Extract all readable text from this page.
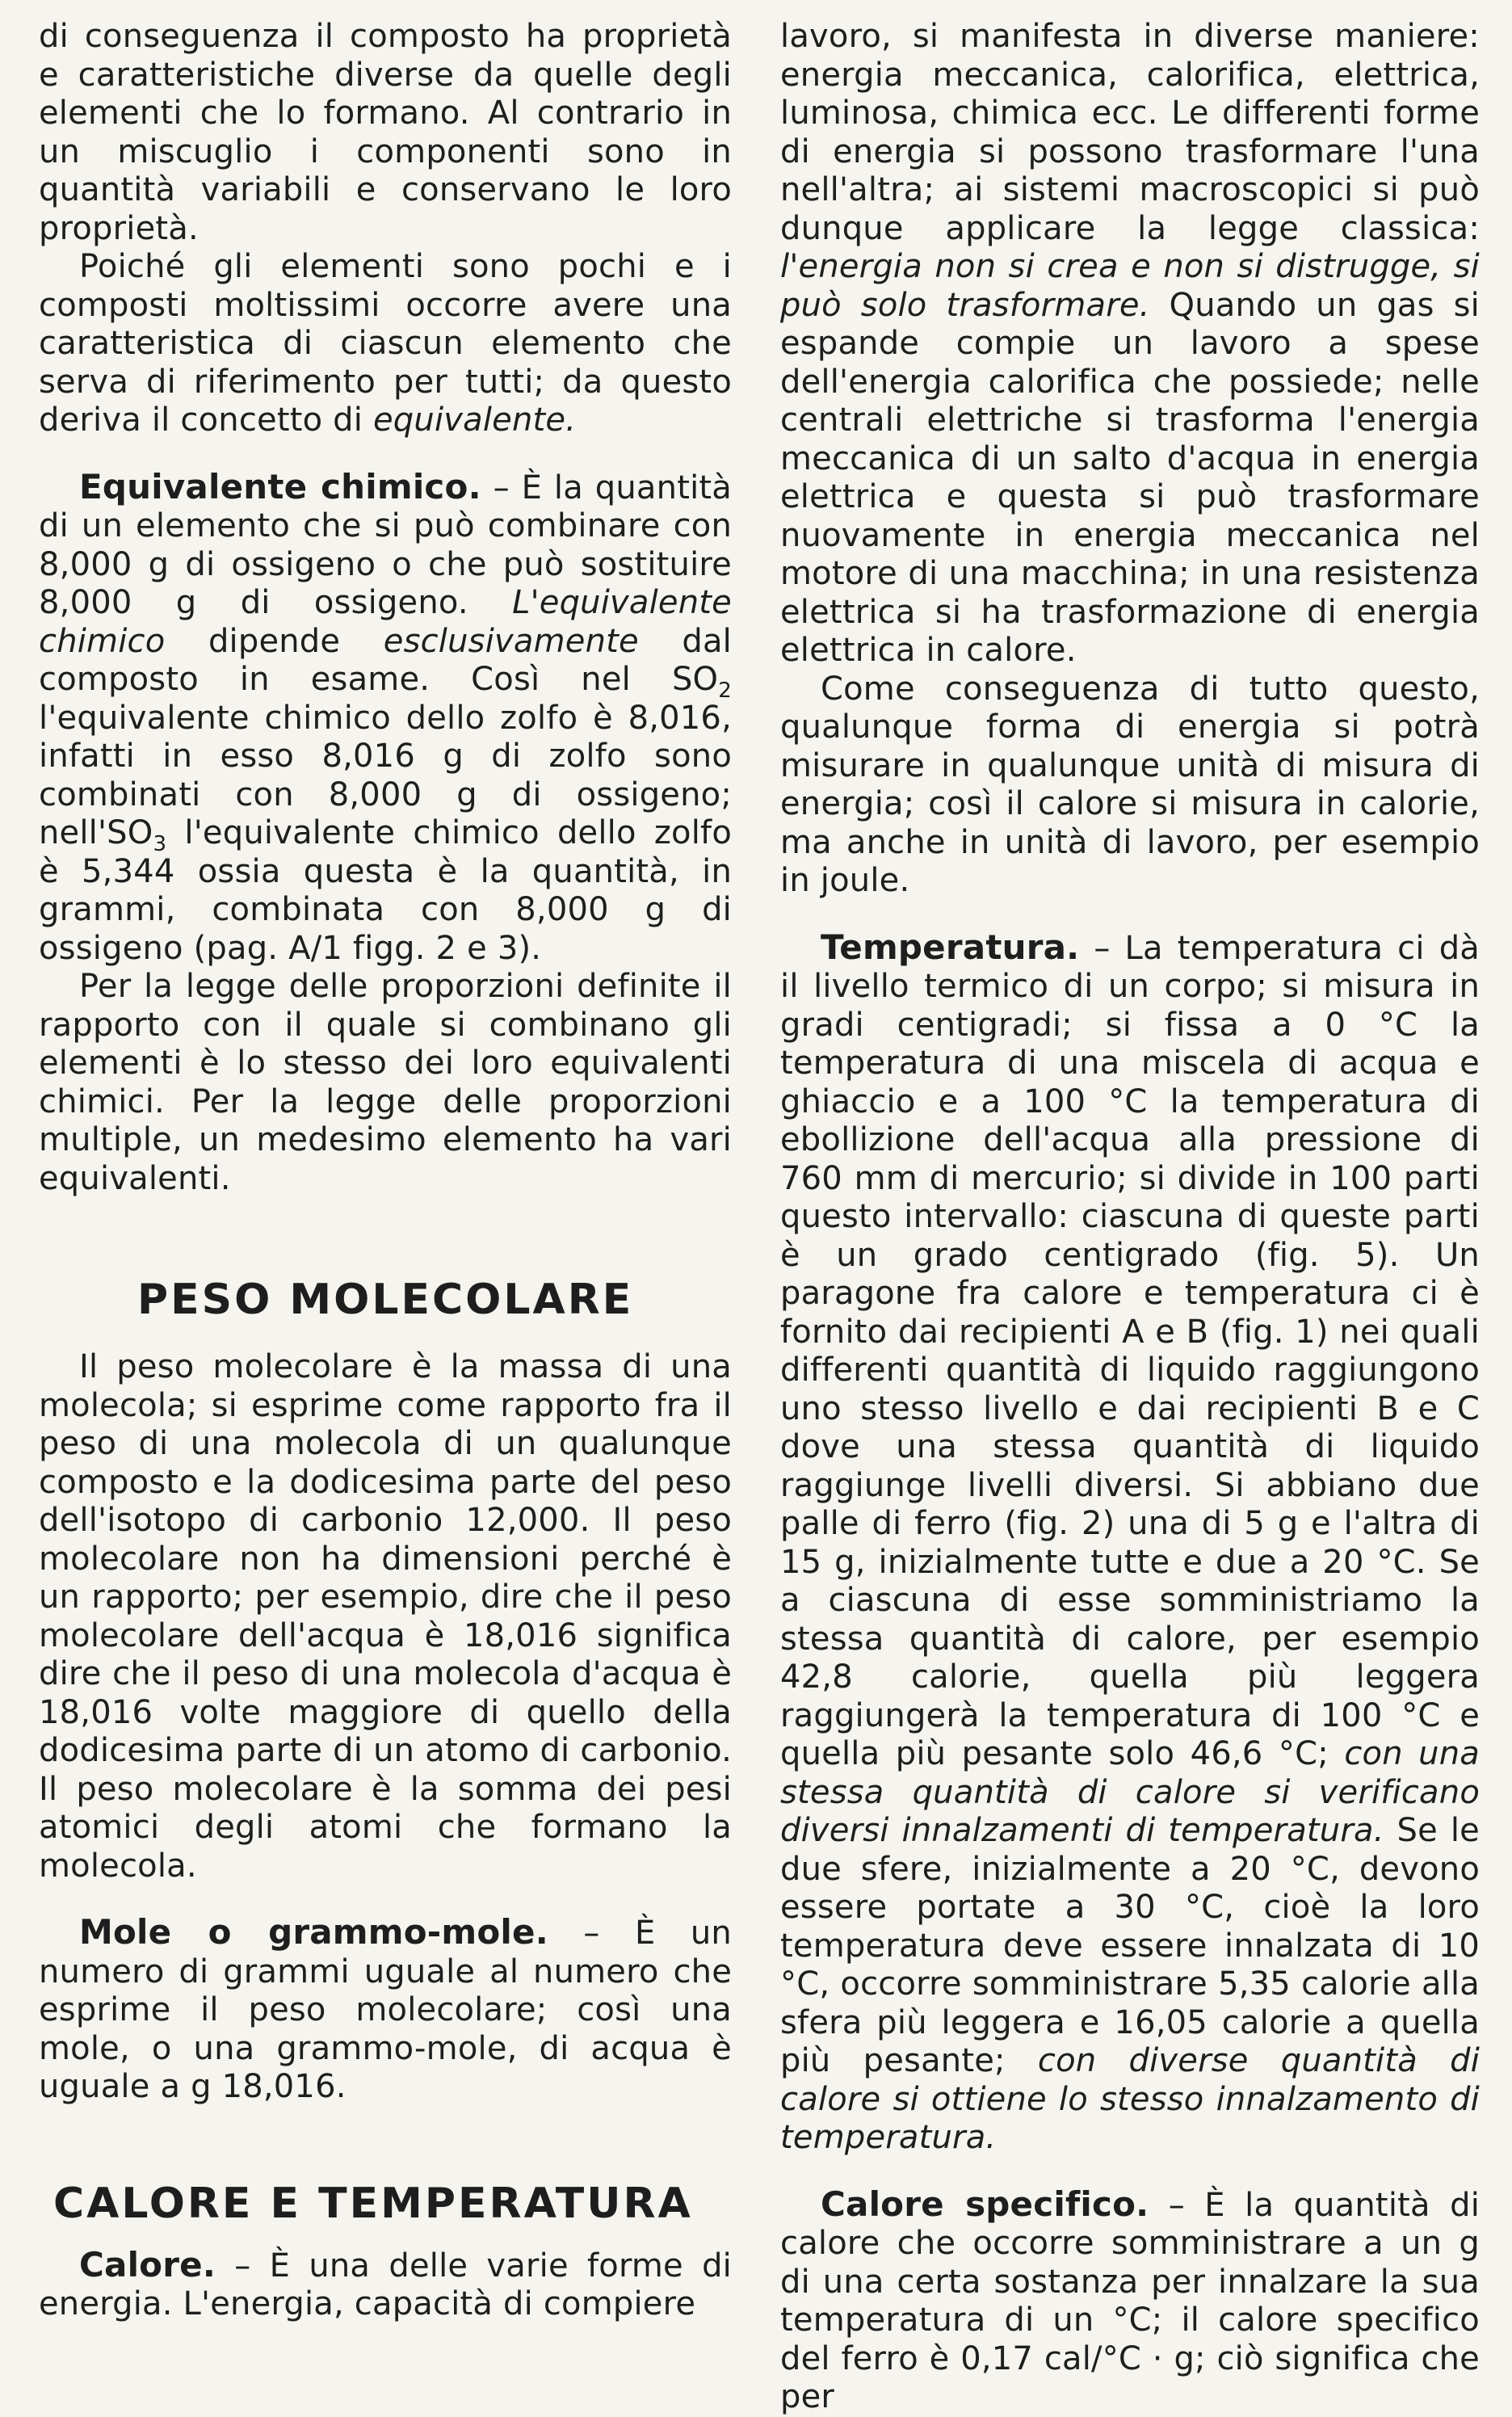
di conseguenza il composto ha proprietà e caratteristiche diverse da quelle degli elementi che lo formano. Al contrario in un miscuglio i componenti sono in quantità variabili e conservano le loro proprietà.

Poiché gli elementi sono pochi e i composti moltissimi occorre avere una caratteristica di ciascun elemento che serva di riferimento per tutti; da questo deriva il concetto di equivalente.

Equivalente chimico. – È la quantità di un elemento che si può combinare con 8,000 g di ossigeno o che può sostituire 8,000 g di ossigeno. L'equivalente chimico dipende esclusivamente dal composto in esame. Così nel $SO_2$ l'equivalente chimico dello zolfo è 8,016, infatti in esso 8,016 g di zolfo sono combinati con 8,000 g di ossigeno; $nell'SO_3$ l'equivalente chimico dello zolfo è 5,344 ossia questa è la quantità, in grammi, combinata con 8,000 g di ossigeno (pag. A/1 figg. 2 e 3).

Per la legge delle proporzioni definite il rapporto con il quale si combinano gli elementi è lo stesso dei loro equivalenti chimici. Per la legge delle proporzioni multiple, un medesimo elemento ha vari equivalenti.

PESO MOLECOLARE

Il peso molecolare è la massa di una molecola; si esprime come rapporto fra il peso di una molecola di un qualunque composto e la dodicesima parte del peso dell'isotopo di carbonio 12,000. Il peso molecolare non ha dimensioni perché è un rapporto; per esempio, dire che il peso molecolare dell'acqua è 18,016 significa dire che il peso di una molecola d'acqua è 18,016 volte maggiore di quello della dodicesima parte di un atomo di carbonio. Il peso molecolare è la somma dei pesi atomici degli atomi che formano la molecola.

Mole o grammo-mole. – È un numero di grammi uguale al numero che esprime il peso molecolare; così una mole, o una grammo-mole, di acqua è uguale a g 18,016.

CALORE E TEMPERATURA

Calore. – È una delle varie forme di energia. L'energia, capacità di compiere

lavoro, si manifesta in diverse maniere: energia meccanica, calorifica, elettrica, luminosa, chimica ecc. Le differenti forme di energia si possono trasformare l'una nell'altra; ai sistemi macroscopici si può dunque applicare la legge classica: l'energia non si crea e non si distrugge, si può solo trasformare. Quando un gas si espande compie un lavoro a spese dell'energia calorifica che possiede; nelle centrali elettriche si trasforma l'energia meccanica di un salto d'acqua in energia elettrica e questa si può trasformare nuovamente in energia meccanica nel motore di una macchina; in una resistenza elettrica si ha trasformazione di energia elettrica in calore.

Come conseguenza di tutto questo, qualunque forma di energia si potrà misurare in qualunque unità di misura di energia; così il calore si misura in calorie, ma anche in unità di lavoro, per esempio in joule.

Temperatura. – La temperatura ci dà il livello termico di un corpo; si misura in gradi centigradi; si fissa a 0 °C la temperatura di una miscela di acqua e ghiaccio e a 100 °C la temperatura di ebollizione dell'acqua alla pressione di 760 mm di mercurio; si divide in 100 parti questo intervallo: ciascuna di queste parti è un grado centigrado (fig. 5). Un paragone fra calore e temperatura ci è fornito dai recipienti A e B (fig. 1) nei quali differenti quantità di liquido raggiungono uno stesso livello e dai recipienti B e C dove una stessa quantità di liquido raggiunge livelli diversi. Si abbiano due palle di ferro (fig. 2) una di 5 g e l'altra di 15 g, inizialmente tutte e due a 20 °C. Se a ciascuna di esse somministriamo la stessa quantità di calore, per esempio 42,8 calorie, quella più leggera raggiungerà la temperatura di 100 °C e quella più pesante solo 46,6 °C; con una stessa quantità di calore si verificano diversi innalzamenti di temperatura. Se le due sfere, inizialmente a 20 °C, devono essere portate a 30 °C, cioè la loro temperatura deve essere innalzata di 10 °C, occorre somministrare 5,35 calorie alla sfera più leggera e 16,05 calorie a quella più pesante; con diverse quantità di calore si ottiene lo stesso innalzamento di temperatura.

Calore specifico. – È la quantità di calore che occorre somministrare a un g di una certa sostanza per innalzare la sua temperatura di un °C; il calore specifico del ferro è 0,17 cal/°C · g; ciò significa che per
